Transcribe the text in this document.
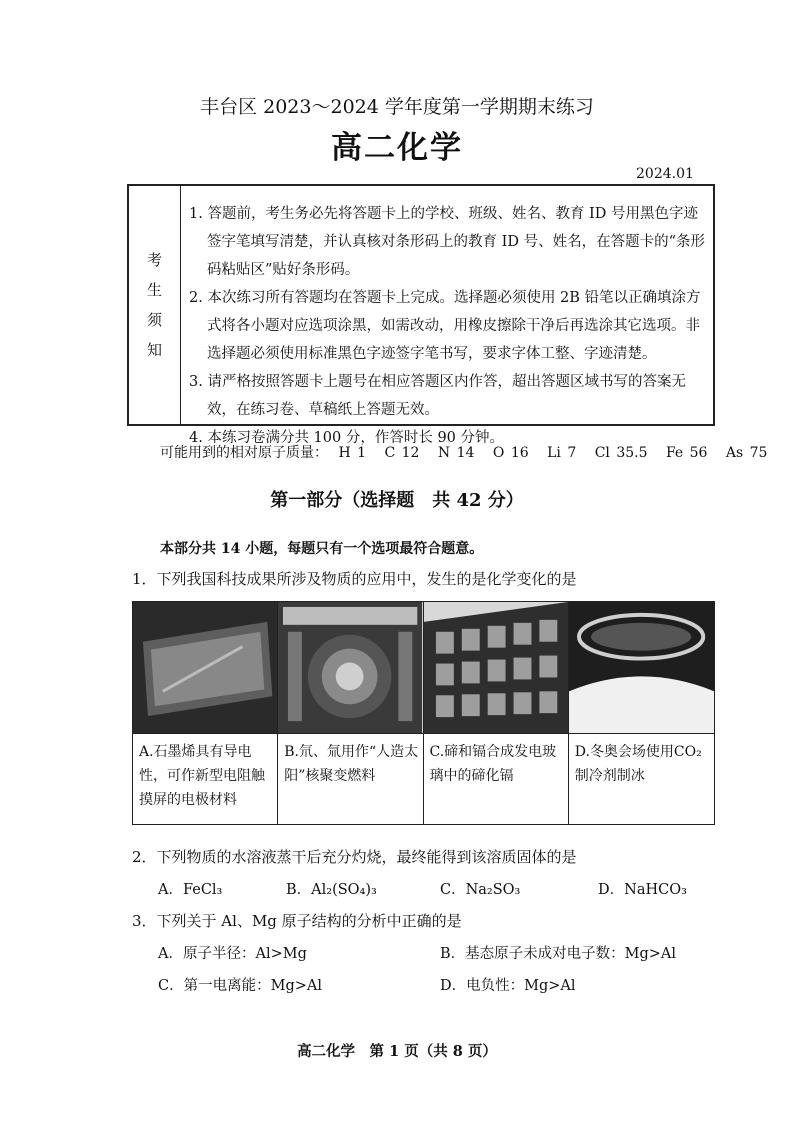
丰台区 2023～2024 学年度第一学期期末练习
高二化学
2024.01
考
生
须
知
1. 答题前，考生务必先将答题卡上的学校、班级、姓名、教育 ID 号用黑色字迹签字笔填写清楚，并认真核对条形码上的教育 ID 号、姓名，在答题卡的“条形码粘贴区”贴好条形码。
2. 本次练习所有答题均在答题卡上完成。选择题必须使用 2B 铅笔以正确填涂方式将各小题对应选项涂黑，如需改动，用橡皮擦除干净后再选涂其它选项。非选择题必须使用标准黑色字迹签字笔书写，要求字体工整、字迹清楚。
3. 请严格按照答题卡上题号在相应答题区内作答，超出答题区域书写的答案无效，在练习卷、草稿纸上答题无效。
4. 本练习卷满分共 100 分，作答时长 90 分钟。
可能用到的相对原子质量： H 1 C 12 N 14 O 16 Li 7 Cl 35.5 Fe 56 As 75
第一部分（选择题　共 42 分）
本部分共 14 小题，每题只有一个选项最符合题意。
1．下列我国科技成果所涉及物质的应用中，发生的是化学变化的是
A.石墨烯具有导电性，可作新型电阻触摸屏的电极材料
B.氘、氚用作“人造太阳”核聚变燃料
C.碲和镉合成发电玻璃中的碲化镉
D.冬奥会场使用CO₂制冷剂制冰
2．下列物质的水溶液蒸干后充分灼烧，最终能得到该溶质固体的是
A．FeCl₃	B．Al₂(SO₄)₃	C．Na₂SO₃	D．NaHCO₃
3．下列关于 Al、Mg 原子结构的分析中正确的是
A．原子半径：Al>Mg	B．基态原子未成对电子数：Mg>Al
C．第一电离能：Mg>Al	D．电负性：Mg>Al
高二化学　第 1 页（共 8 页）
